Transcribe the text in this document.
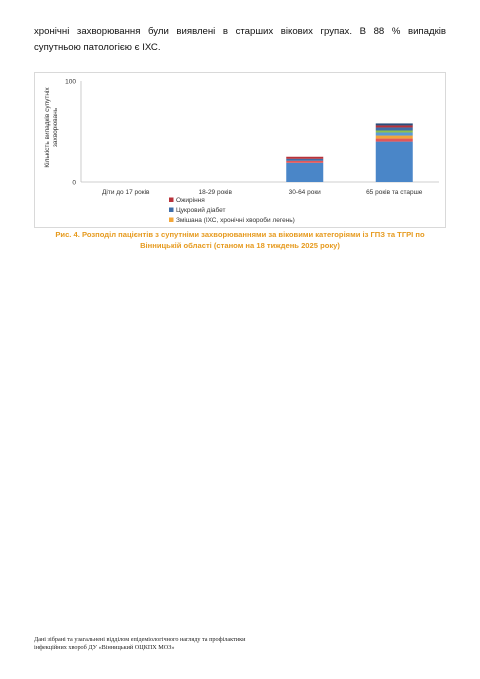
хронічні захворювання були виявлені в старших вікових групах. В 88 % випадків
супутньою патологією є ІХС.
Кількість випадків супутніхзахворювань
Діти до 17 років	18-29 років	30-64 роки	65 років та старше
0
100
Ожиріння
Цукровий діабет
Змішана (ІХС, хронічні хвороби легень)
Рис. 4. Розподіл пацієнтів з супутніми захворюваннями за віковими категоріями із ГПЗ та ТГРІ по
Вінницькій області (станом на 18 тиждень 2025 року)
Дані зібрані та узагальнені відділом епідеміологічного нагляду та профілактики
інфекційних хвороб ДУ «Вінницький ОЦКПХ МОЗ»
